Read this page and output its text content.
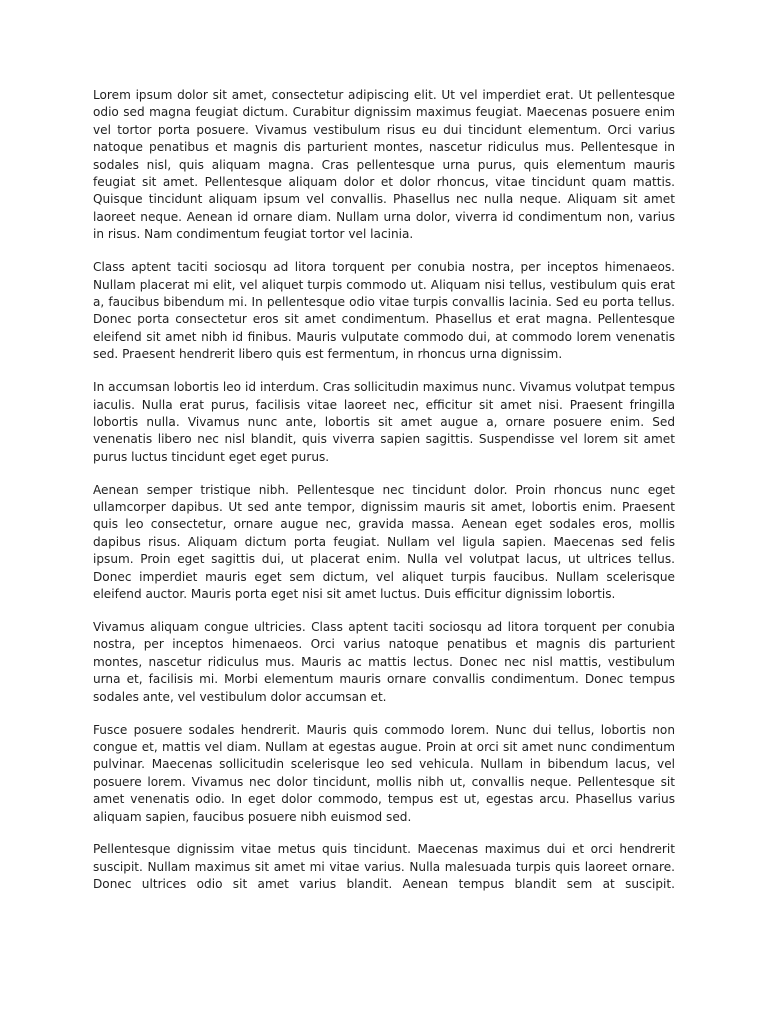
Lorem ipsum dolor sit amet, consectetur adipiscing elit. Ut vel imperdiet erat. Ut pellentesque odio sed magna feugiat dictum. Curabitur dignissim maximus feugiat. Maecenas posuere enim vel tortor porta posuere. Vivamus vestibulum risus eu dui tincidunt elementum. Orci varius natoque penatibus et magnis dis parturient montes, nascetur ridiculus mus. Pellentesque in sodales nisl, quis aliquam magna. Cras pellentesque urna purus, quis elementum mauris feugiat sit amet. Pellentesque aliquam dolor et dolor rhoncus, vitae tincidunt quam mattis. Quisque tincidunt aliquam ipsum vel convallis. Phasellus nec nulla neque. Aliquam sit amet laoreet neque. Aenean id ornare diam. Nullam urna dolor, viverra id condimentum non, varius in risus. Nam condimentum feugiat tortor vel lacinia.

Class aptent taciti sociosqu ad litora torquent per conubia nostra, per inceptos himenaeos. Nullam placerat mi elit, vel aliquet turpis commodo ut. Aliquam nisi tellus, vestibulum quis erat a, faucibus bibendum mi. In pellentesque odio vitae turpis convallis lacinia. Sed eu porta tellus. Donec porta consectetur eros sit amet condimentum. Phasellus et erat magna. Pellentesque eleifend sit amet nibh id finibus. Mauris vulputate commodo dui, at commodo lorem venenatis sed. Praesent hendrerit libero quis est fermentum, in rhoncus urna dignissim.

In accumsan lobortis leo id interdum. Cras sollicitudin maximus nunc. Vivamus volutpat tempus iaculis. Nulla erat purus, facilisis vitae laoreet nec, efficitur sit amet nisi. Praesent fringilla lobortis nulla. Vivamus nunc ante, lobortis sit amet augue a, ornare posuere enim. Sed venenatis libero nec nisl blandit, quis viverra sapien sagittis. Suspendisse vel lorem sit amet purus luctus tincidunt eget eget purus.

Aenean semper tristique nibh. Pellentesque nec tincidunt dolor. Proin rhoncus nunc eget ullamcorper dapibus. Ut sed ante tempor, dignissim mauris sit amet, lobortis enim. Praesent quis leo consectetur, ornare augue nec, gravida massa. Aenean eget sodales eros, mollis dapibus risus. Aliquam dictum porta feugiat. Nullam vel ligula sapien. Maecenas sed felis ipsum. Proin eget sagittis dui, ut placerat enim. Nulla vel volutpat lacus, ut ultrices tellus. Donec imperdiet mauris eget sem dictum, vel aliquet turpis faucibus. Nullam scelerisque eleifend auctor. Mauris porta eget nisi sit amet luctus. Duis efficitur dignissim lobortis.

Vivamus aliquam congue ultricies. Class aptent taciti sociosqu ad litora torquent per conubia nostra, per inceptos himenaeos. Orci varius natoque penatibus et magnis dis parturient montes, nascetur ridiculus mus. Mauris ac mattis lectus. Donec nec nisl mattis, vestibulum urna et, facilisis mi. Morbi elementum mauris ornare convallis condimentum. Donec tempus sodales ante, vel vestibulum dolor accumsan et.

Fusce posuere sodales hendrerit. Mauris quis commodo lorem. Nunc dui tellus, lobortis non congue et, mattis vel diam. Nullam at egestas augue. Proin at orci sit amet nunc condimentum pulvinar. Maecenas sollicitudin scelerisque leo sed vehicula. Nullam in bibendum lacus, vel posuere lorem. Vivamus nec dolor tincidunt, mollis nibh ut, convallis neque. Pellentesque sit amet venenatis odio. In eget dolor commodo, tempus est ut, egestas arcu. Phasellus varius aliquam sapien, faucibus posuere nibh euismod sed.

Pellentesque dignissim vitae metus quis tincidunt. Maecenas maximus dui et orci hendrerit suscipit. Nullam maximus sit amet mi vitae varius. Nulla malesuada turpis quis laoreet ornare. Donec ultrices odio sit amet varius blandit. Aenean tempus blandit sem at suscipit.
